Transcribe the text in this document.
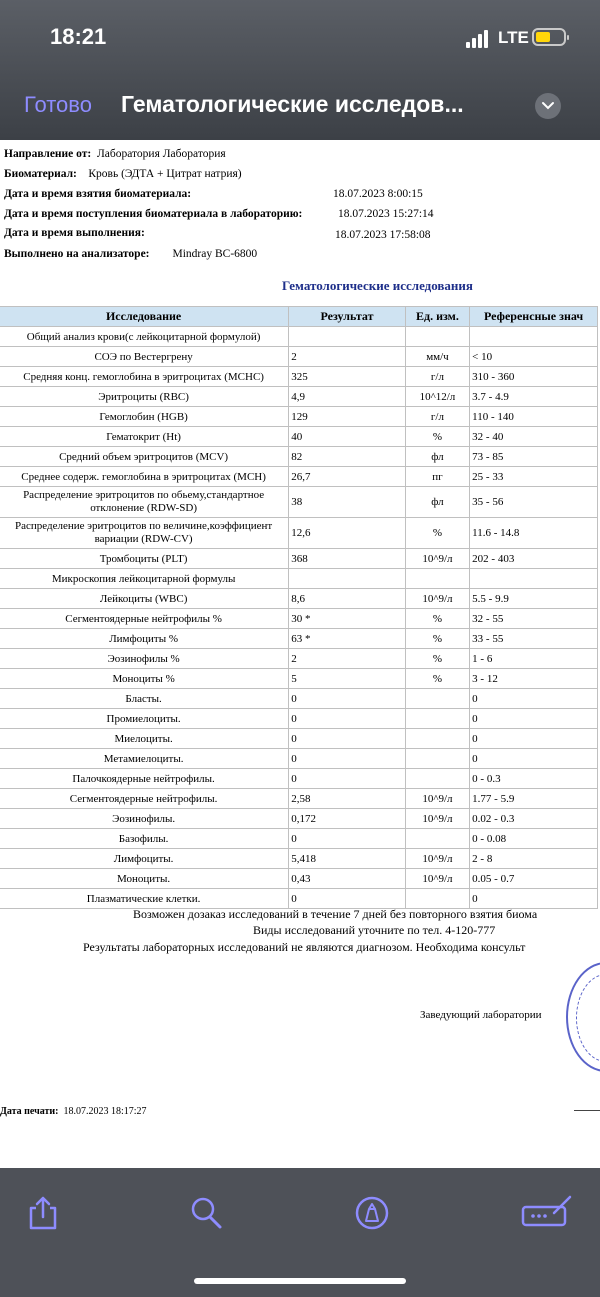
18:21	LTE
Готово Гематологические исследов...
Направление от: Лаборатория Лаборатория
Биоматериал: Кровь (ЭДТА + Цитрат натрия)
Дата и время взятия биоматериала:	18.07.2023 8:00:15
Дата и время поступления биоматериала в лабораторию:	18.07.2023 15:27:14
Дата и время выполнения:	18.07.2023 17:58:08
Выполнено на анализаторе: Mindray BC-6800
Гематологические исследования
Исследование	Результат	Ед. изм.	Референсные знач
Общий анализ крови(с лейкоцитарной формулой)			
СОЭ по Вестергрену	2	мм/ч	< 10
Средняя конц. гемоглобина в эритроцитах (MCHC)	325	г/л	310 - 360
Эритроциты (RBC)	4,9	10^12/л	3.7 - 4.9
Гемоглобин (HGB)	129	г/л	110 - 140
Гематокрит (Ht)	40	%	32 - 40
Средний объем эритроцитов (MCV)	82	фл	73 - 85
Среднее содерж. гемоглобина в эритроцитах (MCH)	26,7	пг	25 - 33
Распределение эритроцитов по обьему,стандартное отклонение (RDW-SD)	38	фл	35 - 56
Распределение эритроцитов по величине,коэффициент вариации (RDW-CV)	12,6	%	11.6 - 14.8
Тромбоциты (PLT)	368	10^9/л	202 - 403
Микроскопия лейкоцитарной формулы			
Лейкоциты (WBC)	8,6	10^9/л	5.5 - 9.9
Сегментоядерные нейтрофилы %	30 *	%	32 - 55
Лимфоциты %	63 *	%	33 - 55
Эозинофилы %	2	%	1 - 6
Моноциты %	5	%	3 - 12
Бласты.	0		0
Промиелоциты.	0		0
Миелоциты.	0		0
Метамиелоциты.	0		0
Палочкоядерные нейтрофилы.	0		0 - 0.3
Сегментоядерные нейтрофилы.	2,58	10^9/л	1.77 - 5.9
Эозинофилы.	0,172	10^9/л	0.02 - 0.3
Базофилы.	0		0 - 0.08
Лимфоциты.	5,418	10^9/л	2 - 8
Моноциты.	0,43	10^9/л	0.05 - 0.7
Плазматические клетки.	0		0
Возможен дозаказ исследований в течение 7 дней без повторного взятия биома
Виды исследований уточните по тел. 4-120-777
Результаты лабораторных исследований не являются диагнозом. Необходима консульт
Заведующий лаборатории
Дата печати: 18.07.2023 18:17:27
